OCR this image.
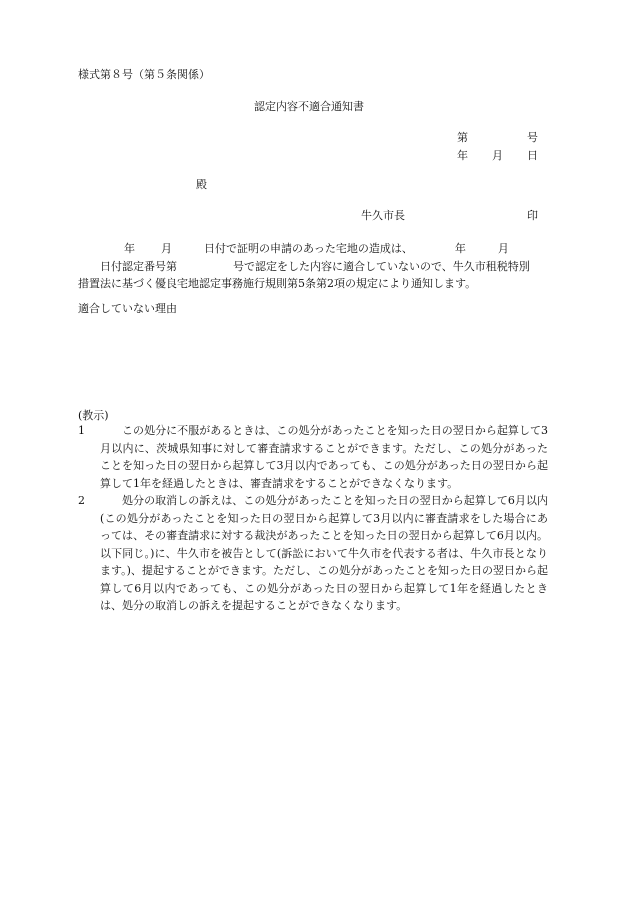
様式第８号（第５条関係）
認定内容不適合通知書
第	号
年 月 日
殿
牛久市長	印
年 月	日付で証明の申請のあった宅地の造成は、	年	月
日付認定番号第	号で認定をした内容に適合していないので、牛久市租税特別
措置法に基づく優良宅地認定事務施行規則第5条第2項の規定により通知します。
適合していない理由
(教示)
1	この処分に不服があるときは、この処分があったことを知った日の翌日から起算して3月以内に、茨城県知事に対して審査請求することができます。ただし、この処分があったことを知った日の翌日から起算して3月以内であっても、この処分があった日の翌日から起算して1年を経過したときは、審査請求をすることができなくなります。
2	処分の取消しの訴えは、この処分があったことを知った日の翌日から起算して6月以内(この処分があったことを知った日の翌日から起算して3月以内に審査請求をした場合にあっては、その審査請求に対する裁決があったことを知った日の翌日から起算して6月以内。以下同じ。)に、牛久市を被告として(訴訟において牛久市を代表する者は、牛久市長となります。)、提起することができます。ただし、この処分があったことを知った日の翌日から起算して6月以内であっても、この処分があった日の翌日から起算して1年を経過したときは、処分の取消しの訴えを提起することができなくなります。
